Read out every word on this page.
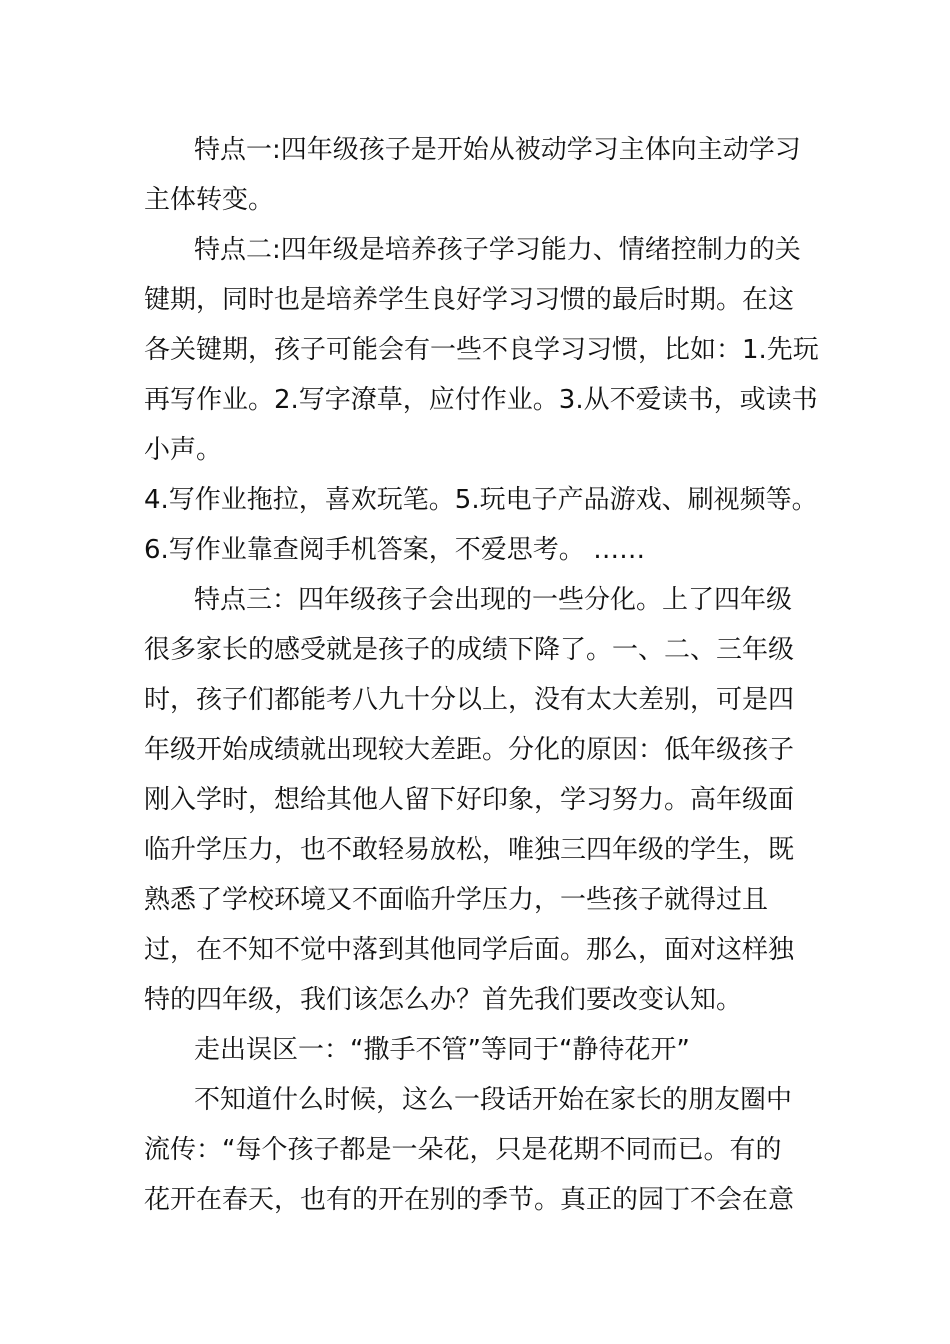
特点一:四年级孩子是开始从被动学习主体向主动学习
主体转变。
特点二:四年级是培养孩子学习能力、情绪控制力的关
键期，同时也是培养学生良好学习习惯的最后时期。在这
各关键期，孩子可能会有一些不良学习习惯，比如：1.先玩
再写作业。2.写字潦草，应付作业。3.从不爱读书，或读书
小声。
4.写作业拖拉，喜欢玩笔。5.玩电子产品游戏、刷视频等。
6.写作业靠查阅手机答案，不爱思考。 ……
特点三：四年级孩子会出现的一些分化。上了四年级
很多家长的感受就是孩子的成绩下降了。一、二、三年级
时，孩子们都能考八九十分以上，没有太大差别，可是四
年级开始成绩就出现较大差距。分化的原因：低年级孩子
刚入学时，想给其他人留下好印象，学习努力。高年级面
临升学压力，也不敢轻易放松，唯独三四年级的学生，既
熟悉了学校环境又不面临升学压力，一些孩子就得过且
过，在不知不觉中落到其他同学后面。那么，面对这样独
特的四年级，我们该怎么办？首先我们要改变认知。
走出误区一：“撒手不管”等同于“静待花开”
不知道什么时候，这么一段话开始在家长的朋友圈中
流传：“每个孩子都是一朵花，只是花期不同而已。有的
花开在春天，也有的开在别的季节。真正的园丁不会在意
